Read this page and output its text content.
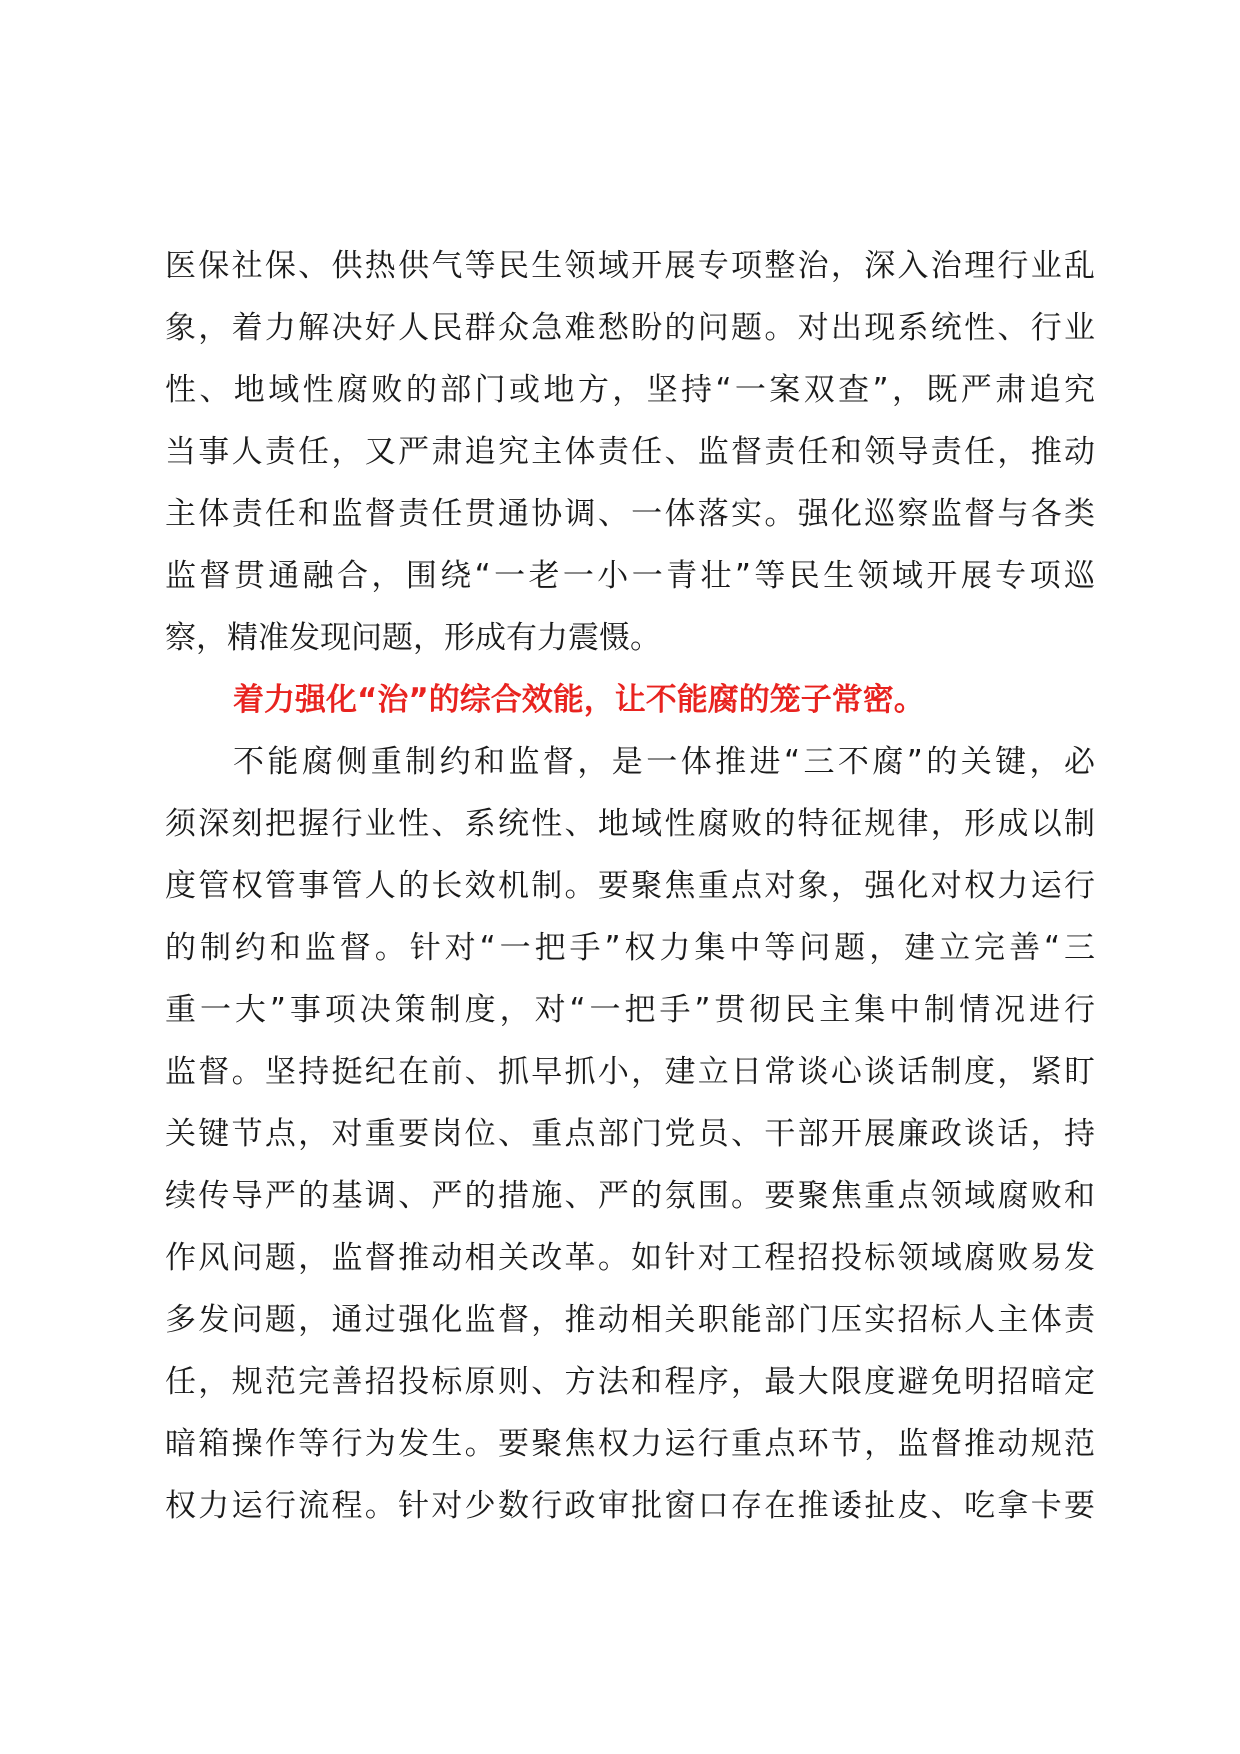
医保社保、供热供气等民生领域开展专项整治，深入治理行业乱
象，着力解决好人民群众急难愁盼的问题。对出现系统性、行业
性、地域性腐败的部门或地方，坚持“一案双查”，既严肃追究
当事人责任，又严肃追究主体责任、监督责任和领导责任，推动
主体责任和监督责任贯通协调、一体落实。强化巡察监督与各类
监督贯通融合，围绕“一老一小一青壮”等民生领域开展专项巡
察，精准发现问题，形成有力震慑。
着力强化“治”的综合效能，让不能腐的笼子常密。
不能腐侧重制约和监督，是一体推进“三不腐”的关键，必
须深刻把握行业性、系统性、地域性腐败的特征规律，形成以制
度管权管事管人的长效机制。要聚焦重点对象，强化对权力运行
的制约和监督。针对“一把手”权力集中等问题，建立完善“三
重一大”事项决策制度，对“一把手”贯彻民主集中制情况进行
监督。坚持挺纪在前、抓早抓小，建立日常谈心谈话制度，紧盯
关键节点，对重要岗位、重点部门党员、干部开展廉政谈话，持
续传导严的基调、严的措施、严的氛围。要聚焦重点领域腐败和
作风问题，监督推动相关改革。如针对工程招投标领域腐败易发
多发问题，通过强化监督，推动相关职能部门压实招标人主体责
任，规范完善招投标原则、方法和程序，最大限度避免明招暗定
暗箱操作等行为发生。要聚焦权力运行重点环节，监督推动规范
权力运行流程。针对少数行政审批窗口存在推诿扯皮、吃拿卡要
